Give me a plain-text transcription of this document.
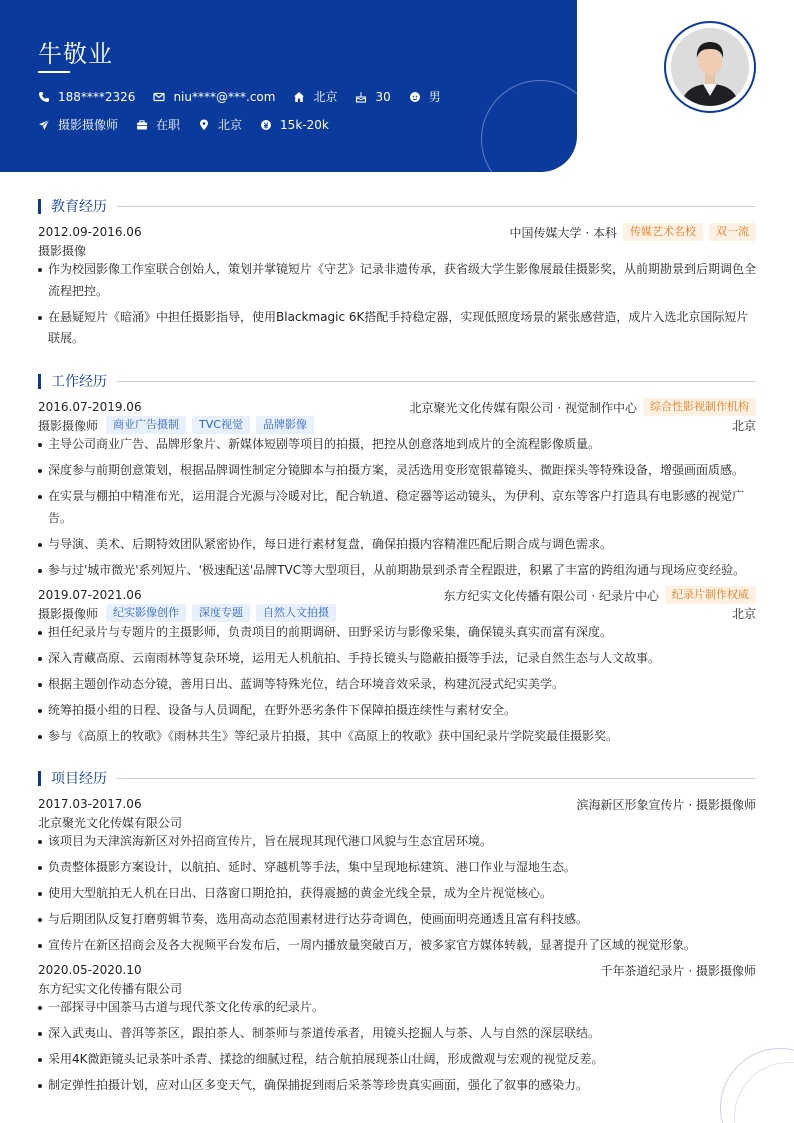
牛敬业
188****2326	niu****@***.com	北京	30	男
摄影摄像师	在职	北京	15k-20k
教育经历
2012.09-2016.06	中国传媒大学 · 本科	传媒艺术名校	双一流
摄影摄像
作为校园影像工作室联合创始人，策划并掌镜短片《守艺》记录非遗传承，获省级大学生影像展最佳摄影奖，从前期勘景到后期调色全流程把控。
在悬疑短片《暗涌》中担任摄影指导，使用Blackmagic 6K搭配手持稳定器，实现低照度场景的紧张感营造，成片入选北京国际短片联展。
工作经历
2016.07-2019.06	北京聚光文化传媒有限公司 · 视觉制作中心	综合性影视制作机构
摄影摄像师	商业广告摄制	TVC视觉	品牌影像	北京
主导公司商业广告、品牌形象片、新媒体短剧等项目的拍摄，把控从创意落地到成片的全流程影像质量。
深度参与前期创意策划，根据品牌调性制定分镜脚本与拍摄方案，灵活选用变形宽银幕镜头、微距探头等特殊设备，增强画面质感。
在实景与棚拍中精准布光，运用混合光源与冷暖对比，配合轨道、稳定器等运动镜头，为伊利、京东等客户打造具有电影感的视觉广告。
与导演、美术、后期特效团队紧密协作，每日进行素材复盘，确保拍摄内容精准匹配后期合成与调色需求。
参与过'城市微光'系列短片、'极速配送'品牌TVC等大型项目，从前期勘景到杀青全程跟进，积累了丰富的跨组沟通与现场应变经验。
2019.07-2021.06	东方纪实文化传播有限公司 · 纪录片中心	纪录片制作权威
摄影摄像师	纪实影像创作	深度专题	自然人文拍摄	北京
担任纪录片与专题片的主摄影师，负责项目的前期调研、田野采访与影像采集，确保镜头真实而富有深度。
深入青藏高原、云南雨林等复杂环境，运用无人机航拍、手持长镜头与隐蔽拍摄等手法，记录自然生态与人文故事。
根据主题创作动态分镜，善用日出、蓝调等特殊光位，结合环境音效采录，构建沉浸式纪实美学。
统筹拍摄小组的日程、设备与人员调配，在野外恶劣条件下保障拍摄连续性与素材安全。
参与《高原上的牧歌》《雨林共生》等纪录片拍摄，其中《高原上的牧歌》获中国纪录片学院奖最佳摄影奖。
项目经历
2017.03-2017.06	滨海新区形象宣传片 · 摄影摄像师
北京聚光文化传媒有限公司
该项目为天津滨海新区对外招商宣传片，旨在展现其现代港口风貌与生态宜居环境。
负责整体摄影方案设计，以航拍、延时、穿越机等手法，集中呈现地标建筑、港口作业与湿地生态。
使用大型航拍无人机在日出、日落窗口期抢拍，获得震撼的黄金光线全景，成为全片视觉核心。
与后期团队反复打磨剪辑节奏，选用高动态范围素材进行达芬奇调色，使画面明亮通透且富有科技感。
宣传片在新区招商会及各大视频平台发布后，一周内播放量突破百万，被多家官方媒体转载，显著提升了区域的视觉形象。
2020.05-2020.10	千年茶道纪录片 · 摄影摄像师
东方纪实文化传播有限公司
一部探寻中国茶马古道与现代茶文化传承的纪录片。
深入武夷山、普洱等茶区，跟拍茶人、制茶师与茶道传承者，用镜头挖掘人与茶、人与自然的深层联结。
采用4K微距镜头记录茶叶杀青、揉捻的细腻过程，结合航拍展现茶山壮阔，形成微观与宏观的视觉反差。
制定弹性拍摄计划，应对山区多变天气，确保捕捉到雨后采茶等珍贵真实画面，强化了叙事的感染力。
